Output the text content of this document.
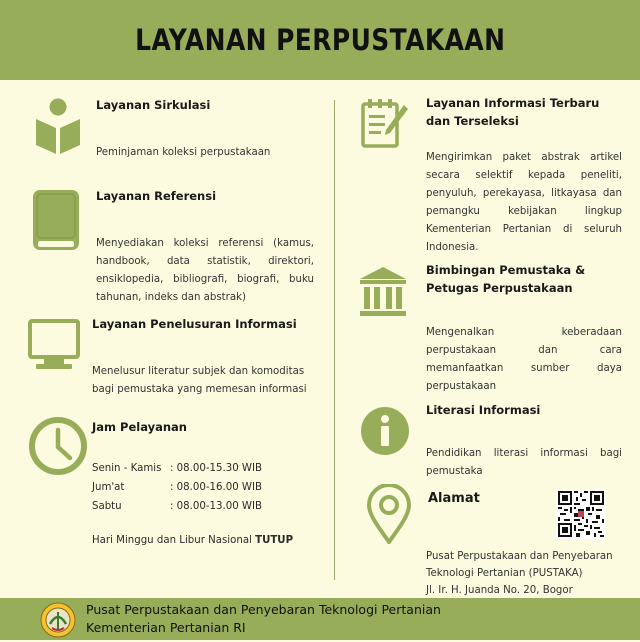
LAYANAN PERPUSTAKAAN
Layanan Sirkulasi
Peminjaman koleksi perpustakaan
Layanan Referensi
Menyediakan koleksi referensi (kamus, handbook, data statistik, direktori, ensiklopedia, bibliografi, biografi, buku tahunan, indeks dan abstrak)
Layanan Penelusuran Informasi
Menelusur literatur subjek dan komoditas bagi pemustaka yang memesan informasi
Jam Pelayanan
Senin - Kamis : 08.00-15.30 WIB
Jum'at	: 08.00-16.00 WIB
Sabtu	: 08.00-13.00 WIB
Hari Minggu dan Libur Nasional TUTUP
Layanan Informasi Terbaru
dan Terseleksi
Mengirimkan paket abstrak artikel secara selektif kepada peneliti, penyuluh, perekayasa, litkayasa dan pemangku kebijakan lingkup Kementerian Pertanian di seluruh Indonesia.
Bimbingan Pemustaka &
Petugas Perpustakaan
Mengenalkan keberadaan perpustakaan dan cara memanfaatkan sumber daya perpustakaan
Literasi Informasi
Pendidikan literasi informasi bagi pemustaka
Alamat
Pusat Perpustakaan dan Penyebaran
Teknologi Pertanian (PUSTAKA)
Jl. Ir. H. Juanda No. 20, Bogor
Pusat Perpustakaan dan Penyebaran Teknologi Pertanian
Kementerian Pertanian RI
